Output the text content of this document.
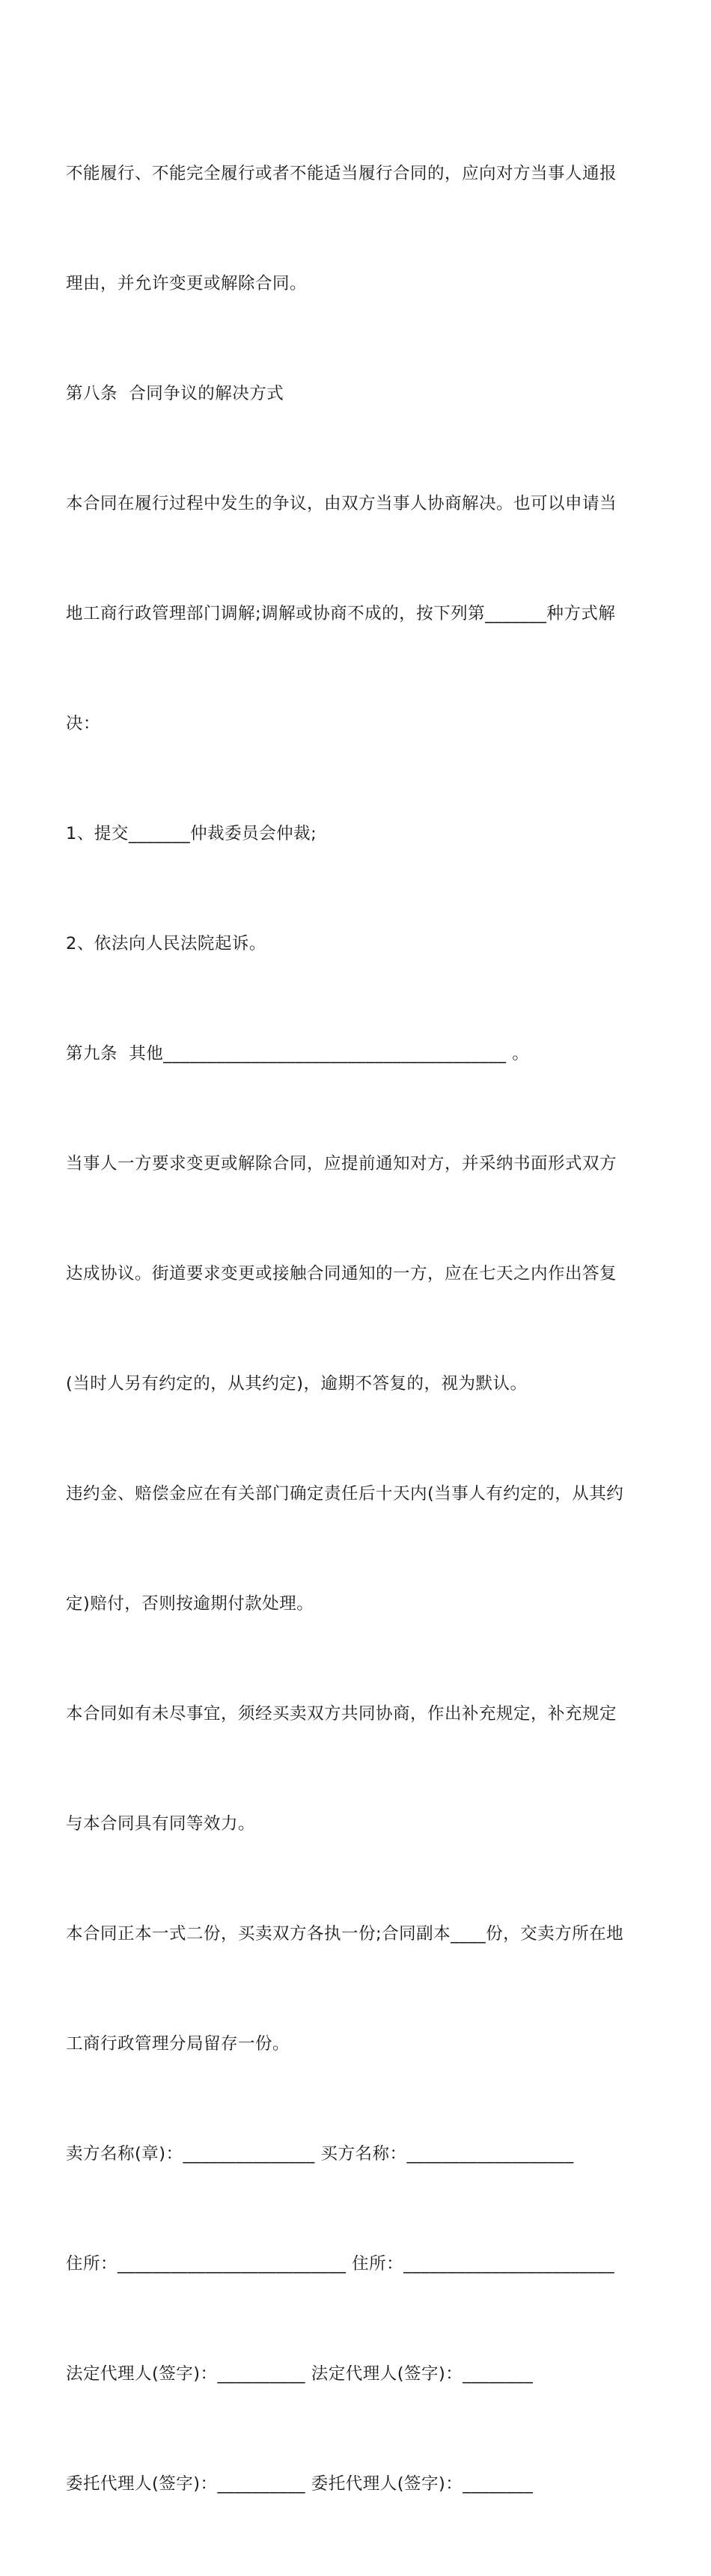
不能履行、不能完全履行或者不能适当履行合同的，应向对方当事人通报

理由，并允许变更或解除合同。

第八条  合同争议的解决方式

本合同在履行过程中发生的争议，由双方当事人协商解决。也可以申请当

地工商行政管理部门调解;调解或协商不成的，按下列第_______种方式解

决：

1、提交_______仲裁委员会仲裁;

2、依法向人民法院起诉。

第九条  其他_______________________________________ 。

当事人一方要求变更或解除合同，应提前通知对方，并采纳书面形式双方

达成协议。街道要求变更或接触合同通知的一方，应在七天之内作出答复

(当时人另有约定的，从其约定)，逾期不答复的，视为默认。

违约金、赔偿金应在有关部门确定责任后十天内(当事人有约定的，从其约

定)赔付，否则按逾期付款处理。

本合同如有未尽事宜，须经买卖双方共同协商，作出补充规定，补充规定

与本合同具有同等效力。

本合同正本一式二份，买卖双方各执一份;合同副本____份，交卖方所在地

工商行政管理分局留存一份。

卖方名称(章)：_______________ 买方名称：___________________

住所：__________________________ 住所：________________________

法定代理人(签字)：__________ 法定代理人(签字)：________

委托代理人(签字)：__________ 委托代理人(签字)：________
